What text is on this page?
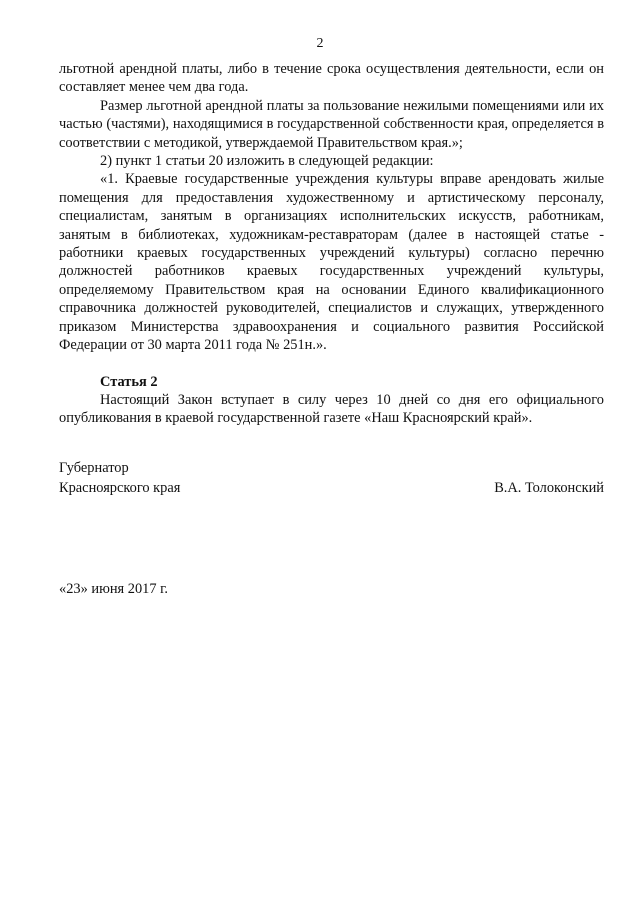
2

льготной арендной платы, либо в течение срока осуществления деятельности, если он составляет менее чем два года.

Размер льготной арендной платы за пользование нежилыми помещениями или их частью (частями), находящимися в государственной собственности края, определяется в соответствии с методикой, утверждаемой Правительством края.»;

2) пункт 1 статьи 20 изложить в следующей редакции:

«1. Краевые государственные учреждения культуры вправе арендовать жилые помещения для предоставления художественному и артистическому персоналу, специалистам, занятым в организациях исполнительских искусств, работникам, занятым в библиотеках, художникам-реставраторам (далее в настоящей статье - работники краевых государственных учреждений культуры) согласно перечню должностей работников краевых государственных учреждений культуры, определяемому Правительством края на основании Единого квалификационного справочника должностей руководителей, специалистов и служащих, утвержденного приказом Министерства здравоохранения и социального развития Российской Федерации от 30 марта 2011 года № 251н.».

Статья 2

Настоящий Закон вступает в силу через 10 дней со дня его официального опубликования в краевой государственной газете «Наш Красноярский край».

Губернатор
Красноярского края	В.А. Толоконский
«23» июня 2017 г.
